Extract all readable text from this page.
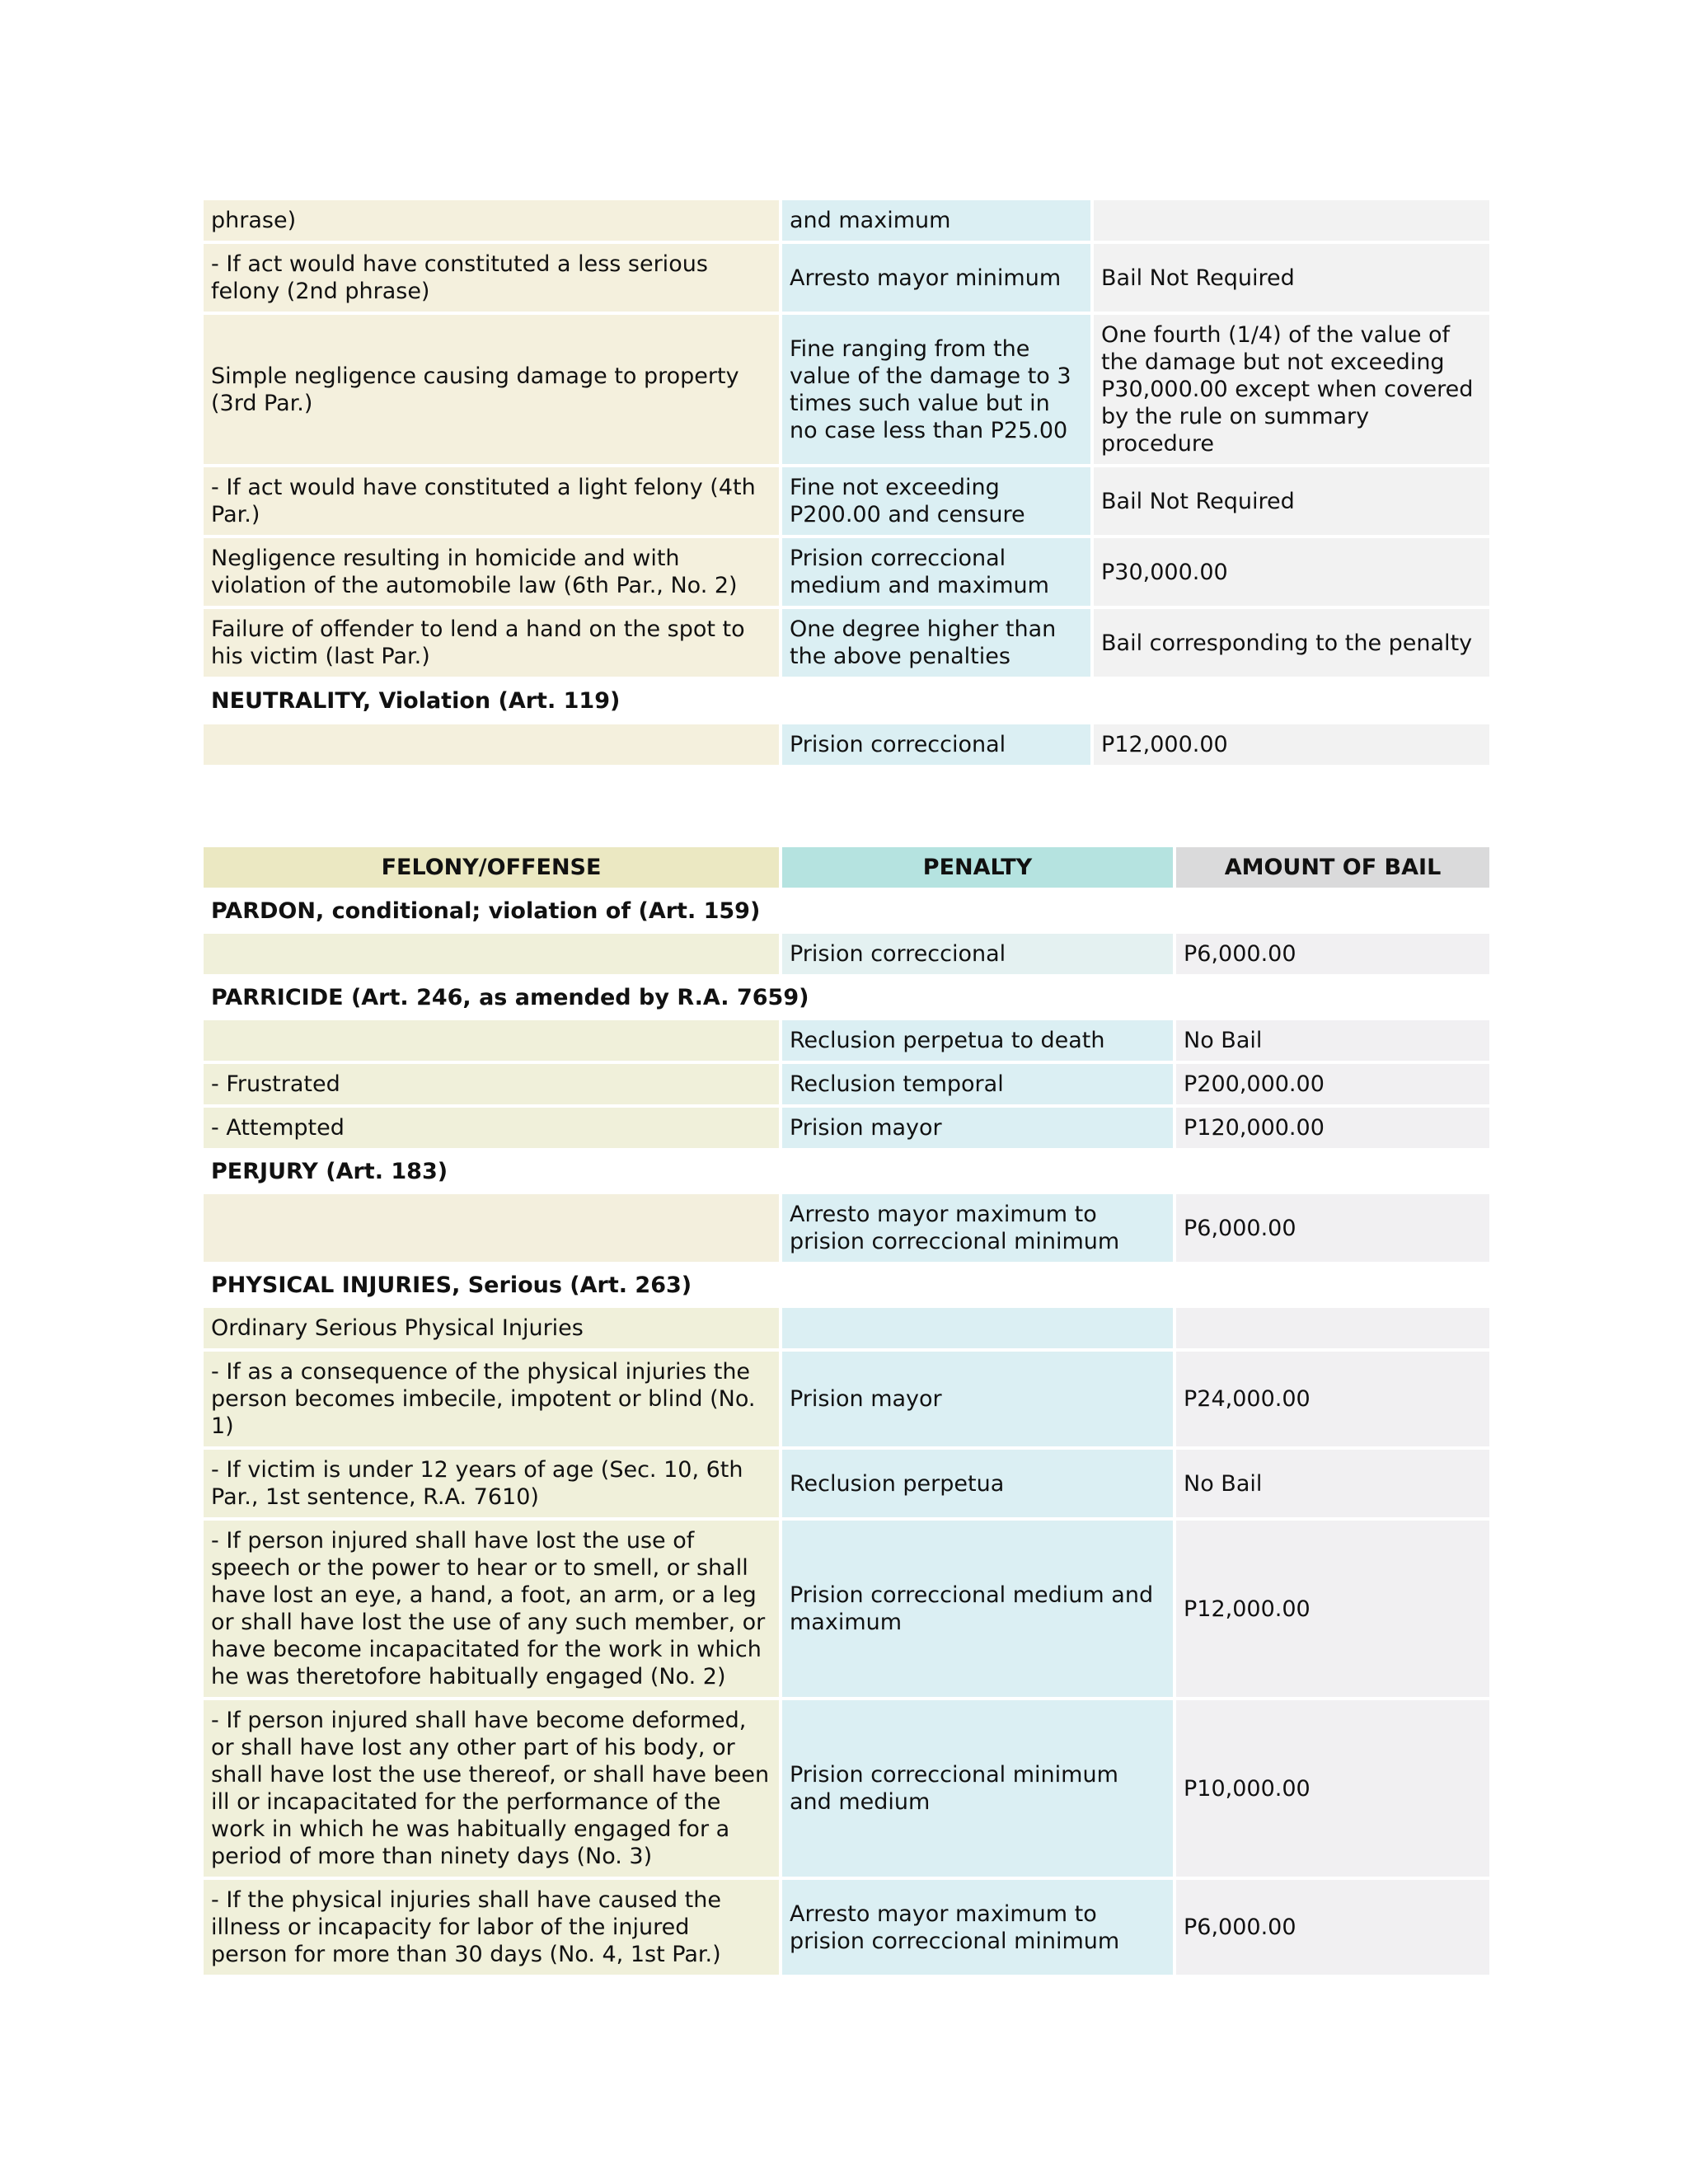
phrase)	and maximum	
- If act would have constituted a less serious felony (2nd phrase)	Arresto mayor minimum	Bail Not Required
Simple negligence causing damage to property (3rd Par.)	Fine ranging from the value of the damage to 3 times such value but in no case less than P25.00	One fourth (1/4) of the value of the damage but not exceeding P30,000.00 except when covered by the rule on summary procedure
- If act would have constituted a light felony (4th Par.)	Fine not exceeding P200.00 and censure	Bail Not Required
Negligence resulting in homicide and with violation of the automobile law (6th Par., No. 2)	Prision correccional medium and maximum	P30,000.00
Failure of offender to lend a hand on the spot to his victim (last Par.)	One degree higher than the above penalties	Bail corresponding to the penalty
NEUTRALITY, Violation (Art. 119)		
	Prision correccional	P12,000.00
FELONY/OFFENSE	PENALTY	AMOUNT OF BAIL
PARDON, conditional; violation of (Art. 159)		
	Prision correccional	P6,000.00
PARRICIDE (Art. 246, as amended by R.A. 7659)		
	Reclusion perpetua to death	No Bail
- Frustrated	Reclusion temporal	P200,000.00
- Attempted	Prision mayor	P120,000.00
PERJURY (Art. 183)		
	Arresto mayor maximum to prision correccional minimum	P6,000.00
PHYSICAL INJURIES, Serious (Art. 263)		
Ordinary Serious Physical Injuries		
- If as a consequence of the physical injuries the person becomes imbecile, impotent or blind (No. 1)	Prision mayor	P24,000.00
- If victim is under 12 years of age (Sec. 10, 6th Par., 1st sentence, R.A. 7610)	Reclusion perpetua	No Bail
- If person injured shall have lost the use of speech or the power to hear or to smell, or shall have lost an eye, a hand, a foot, an arm, or a leg or shall have lost the use of any such member, or have become incapacitated for the work in which he was theretofore habitually engaged (No. 2)	Prision correccional medium and maximum	P12,000.00
- If person injured shall have become deformed, or shall have lost any other part of his body, or shall have lost the use thereof, or shall have been ill or incapacitated for the performance of the work in which he was habitually engaged for a period of more than ninety days (No. 3)	Prision correccional minimum and medium	P10,000.00
- If the physical injuries shall have caused the illness or incapacity for labor of the injured person for more than 30 days (No. 4, 1st Par.)	Arresto mayor maximum to prision correccional minimum	P6,000.00
